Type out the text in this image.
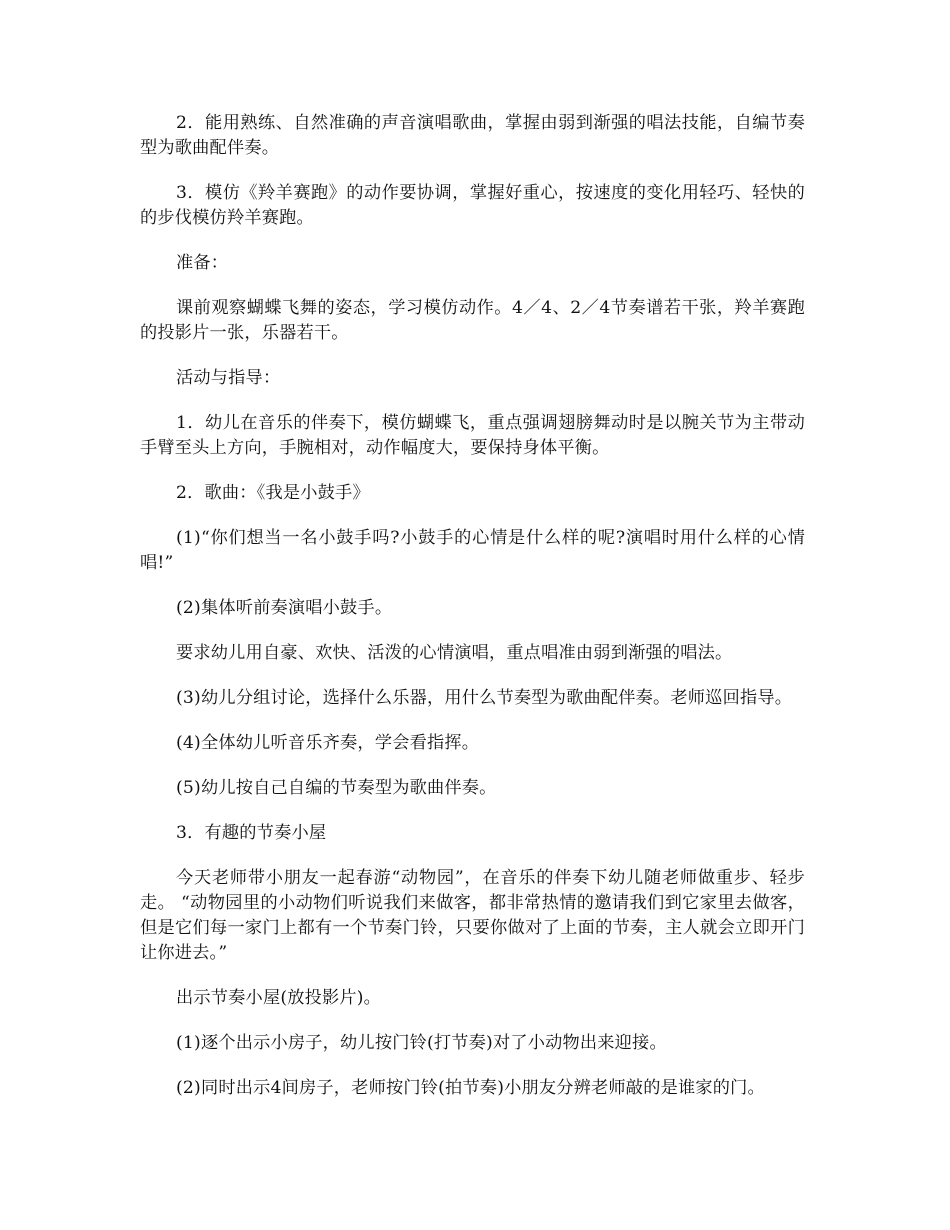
2．能用熟练、自然准确的声音演唱歌曲，掌握由弱到渐强的唱法技能，自编节奏型为歌曲配伴奏。

3．模仿《羚羊赛跑》的动作要协调，掌握好重心，按速度的变化用轻巧、轻快的的步伐模仿羚羊赛跑。

准备：

课前观察蝴蝶飞舞的姿态，学习模仿动作。4／4、2／4节奏谱若干张，羚羊赛跑的投影片一张，乐器若干。

活动与指导：

1．幼儿在音乐的伴奏下，模仿蝴蝶飞，重点强调翅膀舞动时是以腕关节为主带动手臂至头上方向，手腕相对，动作幅度大，要保持身体平衡。

2．歌曲：《我是小鼓手》

(1)“你们想当一名小鼓手吗?小鼓手的心情是什么样的呢?演唱时用什么样的心情唱!”

(2)集体听前奏演唱小鼓手。

要求幼儿用自豪、欢快、活泼的心情演唱，重点唱准由弱到渐强的唱法。

(3)幼儿分组讨论，选择什么乐器，用什么节奏型为歌曲配伴奏。老师巡回指导。

(4)全体幼儿听音乐齐奏，学会看指挥。

(5)幼儿按自己自编的节奏型为歌曲伴奏。

3．有趣的节奏小屋

今天老师带小朋友一起春游“动物园”，在音乐的伴奏下幼儿随老师做重步、轻步走。 “动物园里的小动物们听说我们来做客，都非常热情的邀请我们到它家里去做客，但是它们每一家门上都有一个节奏门铃，只要你做对了上面的节奏，主人就会立即开门让你进去。”

出示节奏小屋(放投影片)。

(1)逐个出示小房子，幼儿按门铃(打节奏)对了小动物出来迎接。

(2)同时出示4间房子，老师按门铃(拍节奏)小朋友分辨老师敲的是谁家的门。
